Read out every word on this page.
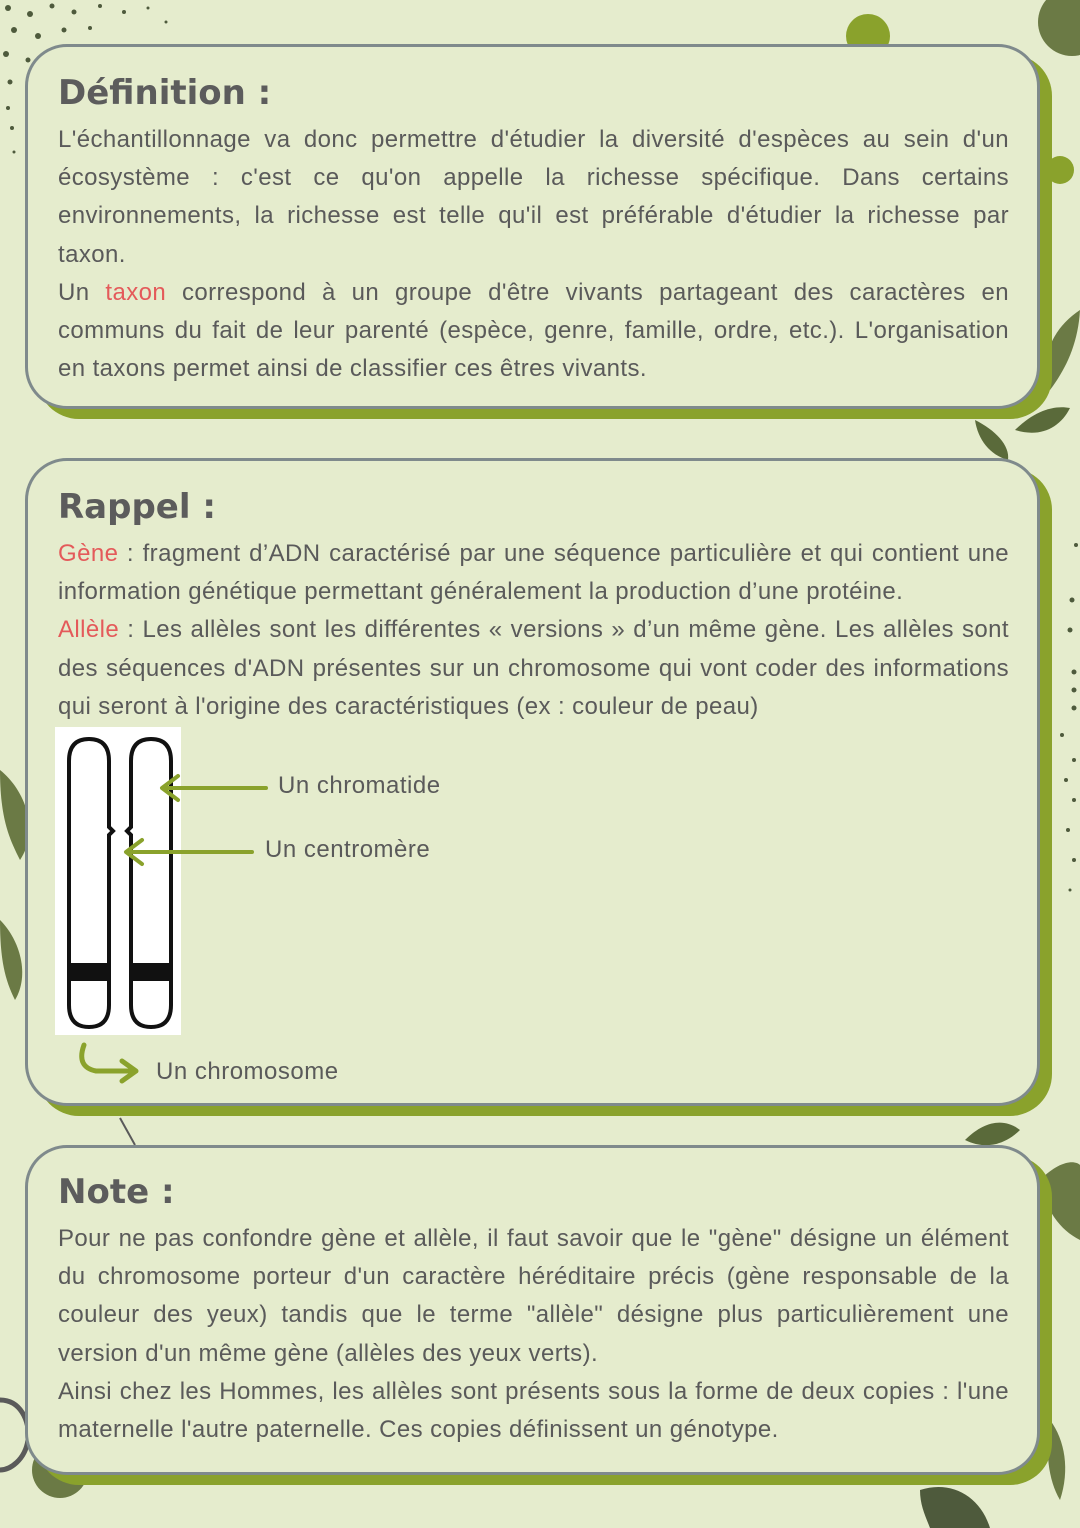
Définition :

L'échantillonnage va donc permettre d'étudier la diversité d'espèces au sein d'un écosystème : c'est ce qu'on appelle la richesse spécifique. Dans certains environnements, la richesse est telle qu'il est préférable d'étudier la richesse par taxon.

Un taxon correspond à un groupe d'être vivants partageant des caractères en communs du fait de leur parenté (espèce, genre, famille, ordre, etc.). L'organisation en taxons permet ainsi de classifier ces êtres vivants.

Rappel :

Gène : fragment d’ADN caractérisé par une séquence particulière et qui contient une information génétique permettant généralement la production d’une protéine.

Allèle : Les allèles sont les différentes « versions » d’un même gène. Les allèles sont des séquences d'ADN présentes sur un chromosome qui vont coder des informations qui seront à l'origine des caractéristiques (ex : couleur de peau)

Un chromatide
Un centromère
Un chromosome
Note :

Pour ne pas confondre gène et allèle, il faut savoir que le "gène" désigne un élément du chromosome porteur d'un caractère héréditaire précis (gène responsable de la couleur des yeux) tandis que le terme "allèle" désigne plus particulièrement une version d'un même gène (allèles des yeux verts).

Ainsi chez les Hommes, les allèles sont présents sous la forme de deux copies : l'une maternelle l'autre paternelle. Ces copies définissent un génotype.
